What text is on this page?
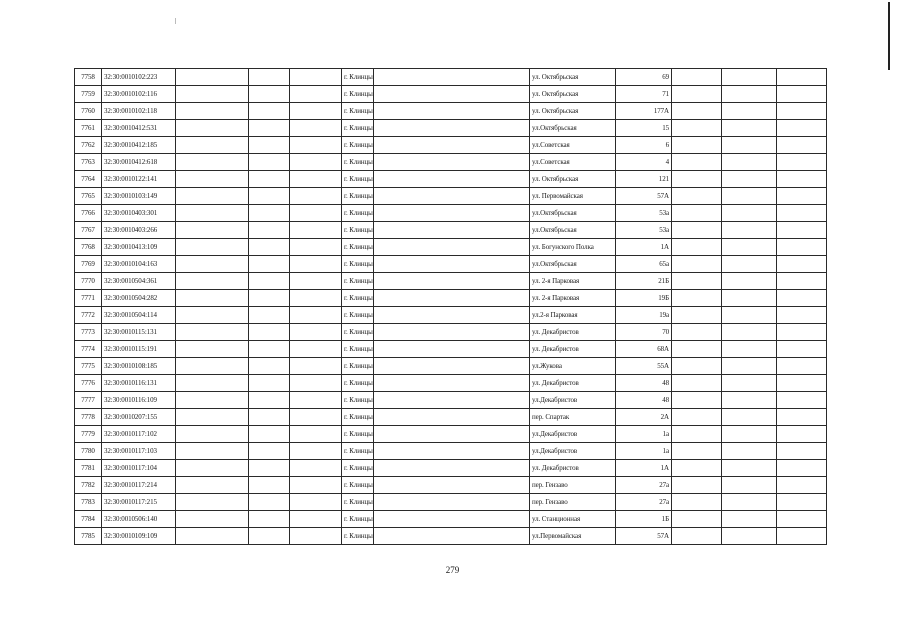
7758	32:30:0010102:223				г. Клинцы		ул. Октябрьская	69			
7759	32:30:0010102:116				г. Клинцы		ул. Октябрьская	71			
7760	32:30:0010102:118				г. Клинцы		ул. Октябрьская	177А			
7761	32:30:0010412:531				г. Клинцы		ул.Октябрьская	15			
7762	32:30:0010412:185				г. Клинцы		ул.Советская	6			
7763	32:30:0010412:618				г. Клинцы		ул.Советская	4			
7764	32:30:0010122:141				г. Клинцы		ул. Октябрьская	121			
7765	32:30:0010103:149				г. Клинцы		ул. Первомайская	57А			
7766	32:30:0010403:301				г. Клинцы		ул.Октябрьская	53а			
7767	32:30:0010403:266				г. Клинцы		ул.Октябрьская	53а			
7768	32:30:0010413:109				г. Клинцы		ул. Богунского Полка	1А			
7769	32:30:0010104:163				г. Клинцы		ул.Октябрьская	65а			
7770	32:30:0010504:361				г. Клинцы		ул. 2-я Парковая	21Б			
7771	32:30:0010504:282				г. Клинцы		ул. 2-я Парковая	19Б			
7772	32:30:0010504:114				г. Клинцы		ул.2-я Парковая	19а			
7773	32:30:0010115:131				г. Клинцы		ул. Декабристов	70			
7774	32:30:0010115:191				г. Клинцы		ул. Декабристов	68А			
7775	32:30:0010108:185				г. Клинцы		ул.Жукова	55А			
7776	32:30:0010116:131				г. Клинцы		ул. Декабристов	48			
7777	32:30:0010116:109				г. Клинцы		ул.Декабристов	48			
7778	32:30:0010207:155				г. Клинцы		пер. Спартак	2А			
7779	32:30:0010117:102				г. Клинцы		ул.Декабристов	1а			
7780	32:30:0010117:103				г. Клинцы		ул.Декабристов	1а			
7781	32:30:0010117:104				г. Клинцы		ул. Декабристов	1А			
7782	32:30:0010117:214				г. Клинцы		пер. Гензаво	27а			
7783	32:30:0010117:215				г. Клинцы		пер. Гензаво	27а			
7784	32:30:0010506:140				г. Клинцы		ул. Станционная	1Б			
7785	32:30:0010109:109				г. Клинцы		ул.Первомайская	57А			
279
